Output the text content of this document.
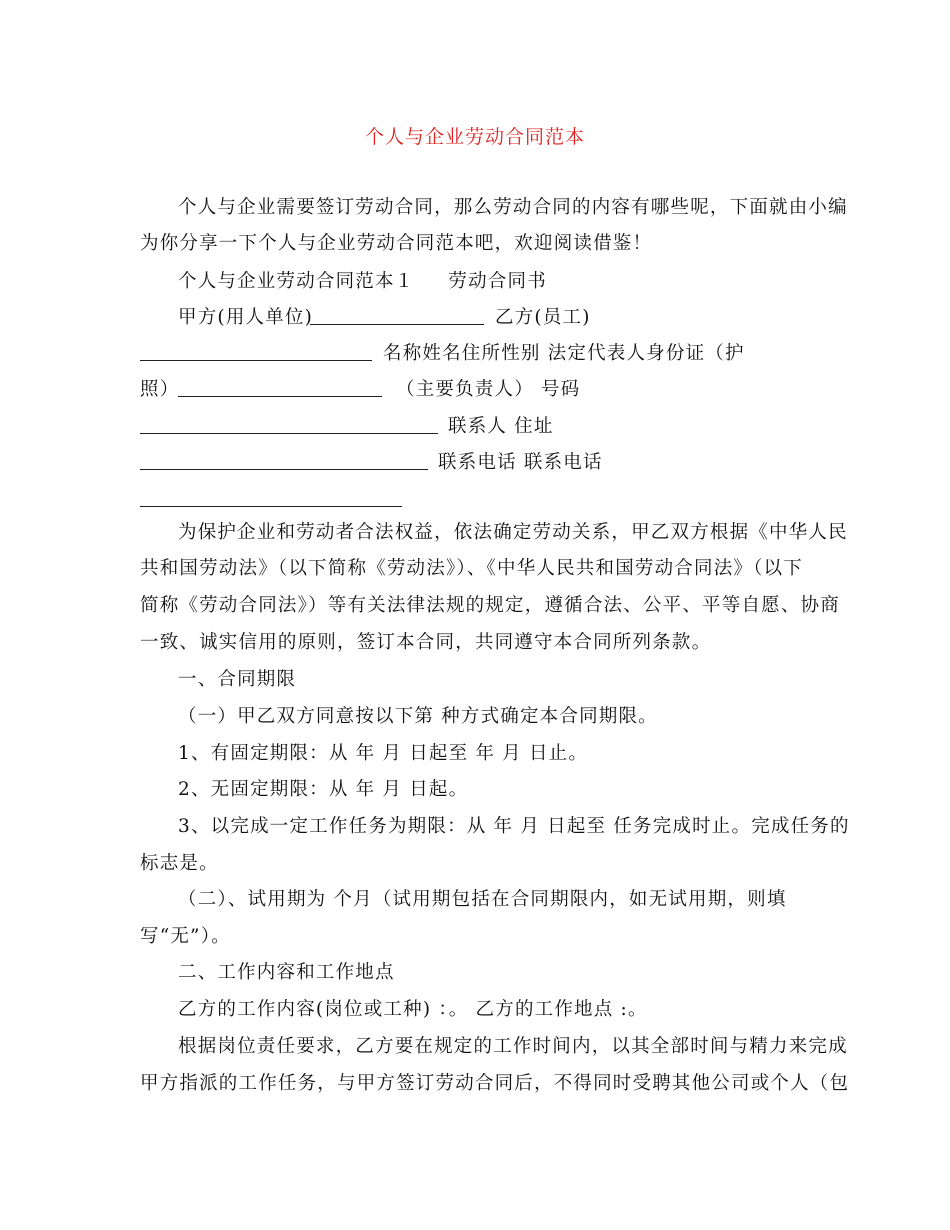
个人与企业劳动合同范本
个人与企业需要签订劳动合同，那么劳动合同的内容有哪些呢，下面就由小编
为你分享一下个人与企业劳动合同范本吧，欢迎阅读借鉴！
个人与企业劳动合同范本１ 劳动合同书
甲方(用人单位)	乙方(员工)
名称姓名住所性别 法定代表人身份证（护
照）	（主要负责人） 号码
联系人 住址
联系电话 联系电话
为保护企业和劳动者合法权益，依法确定劳动关系，甲乙双方根据《中华人民
共和国劳动法》（以下简称《劳动法》）、《中华人民共和国劳动合同法》（以下
简称《劳动合同法》）等有关法律法规的规定，遵循合法、公平、平等自愿、协商
一致、诚实信用的原则，签订本合同，共同遵守本合同所列条款。
一、合同期限
（一）甲乙双方同意按以下第 种方式确定本合同期限。
1、有固定期限：从 年 月 日起至 年 月 日止。
2、无固定期限：从 年 月 日起。
3、以完成一定工作任务为期限：从 年 月 日起至 任务完成时止。完成任务的
标志是。
（二）、试用期为 个月（试用期包括在合同期限内，如无试用期，则填
写“无”）。
二、工作内容和工作地点
乙方的工作内容(岗位或工种) ：。 乙方的工作地点 :。
根据岗位责任要求，乙方要在规定的工作时间内，以其全部时间与精力来完成
甲方指派的工作任务，与甲方签订劳动合同后，不得同时受聘其他公司或个人（包
